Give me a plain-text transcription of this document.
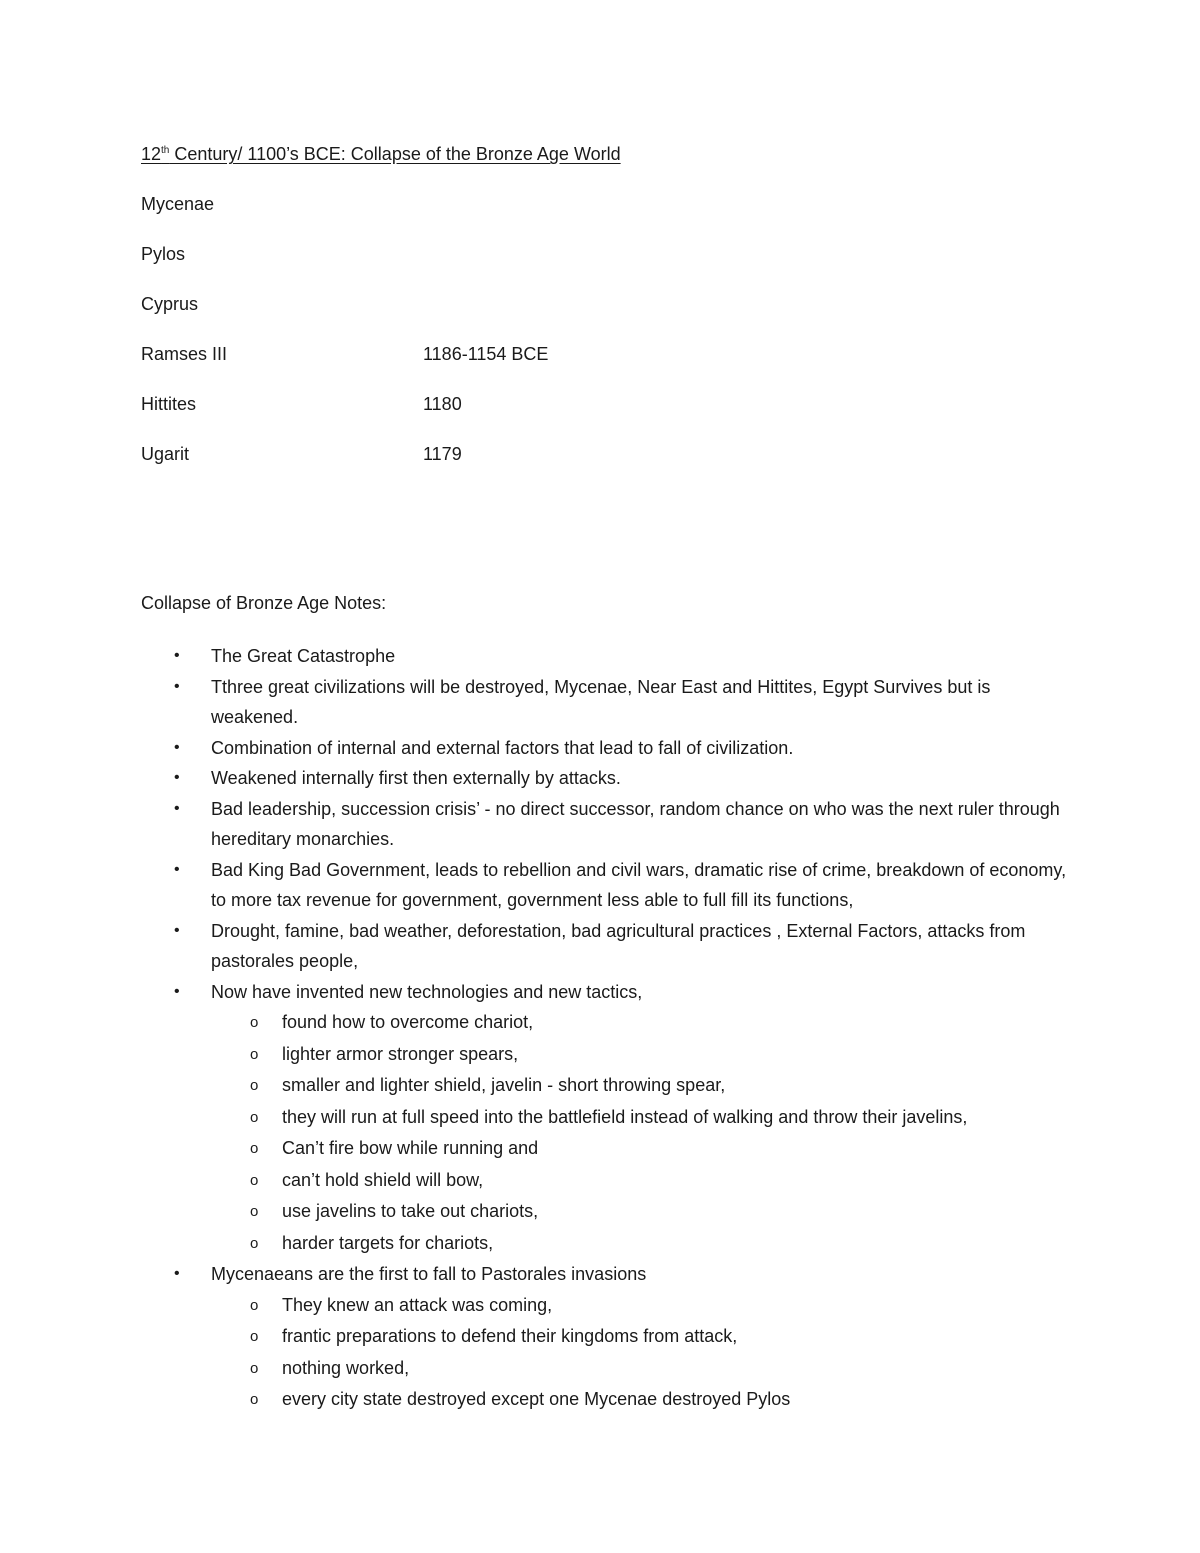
12th Century/ 1100’s BCE: Collapse of the Bronze Age World
Mycenae
Pylos
Cyprus
Ramses III	1186-1154 BCE
Hittites	1180
Ugarit	1179
Collapse of Bronze Age Notes:
• The Great Catastrophe
• Tthree great civilizations will be destroyed, Mycenae, Near East and Hittites, Egypt Survives but is weakened.
• Combination of internal and external factors that lead to fall of civilization.
• Weakened internally first then externally by attacks.
• Bad leadership, succession crisis’ - no direct successor, random chance on who was the next ruler through hereditary monarchies.
• Bad King Bad Government, leads to rebellion and civil wars, dramatic rise of crime, breakdown of economy, to more tax revenue for government, government less able to full fill its functions,
• Drought, famine, bad weather, deforestation, bad agricultural practices , External Factors, attacks from pastorales people,
• Now have invented new technologies and new tactics,
o found how to overcome chariot,
o lighter armor stronger spears,
o smaller and lighter shield, javelin - short throwing spear,
o they will run at full speed into the battlefield instead of walking and throw their javelins,
o Can’t fire bow while running and
o can’t hold shield will bow,
o use javelins to take out chariots,
o harder targets for chariots,
• Mycenaeans are the first to fall to Pastorales invasions
o They knew an attack was coming,
o frantic preparations to defend their kingdoms from attack,
o nothing worked,
o every city state destroyed except one Mycenae destroyed Pylos
